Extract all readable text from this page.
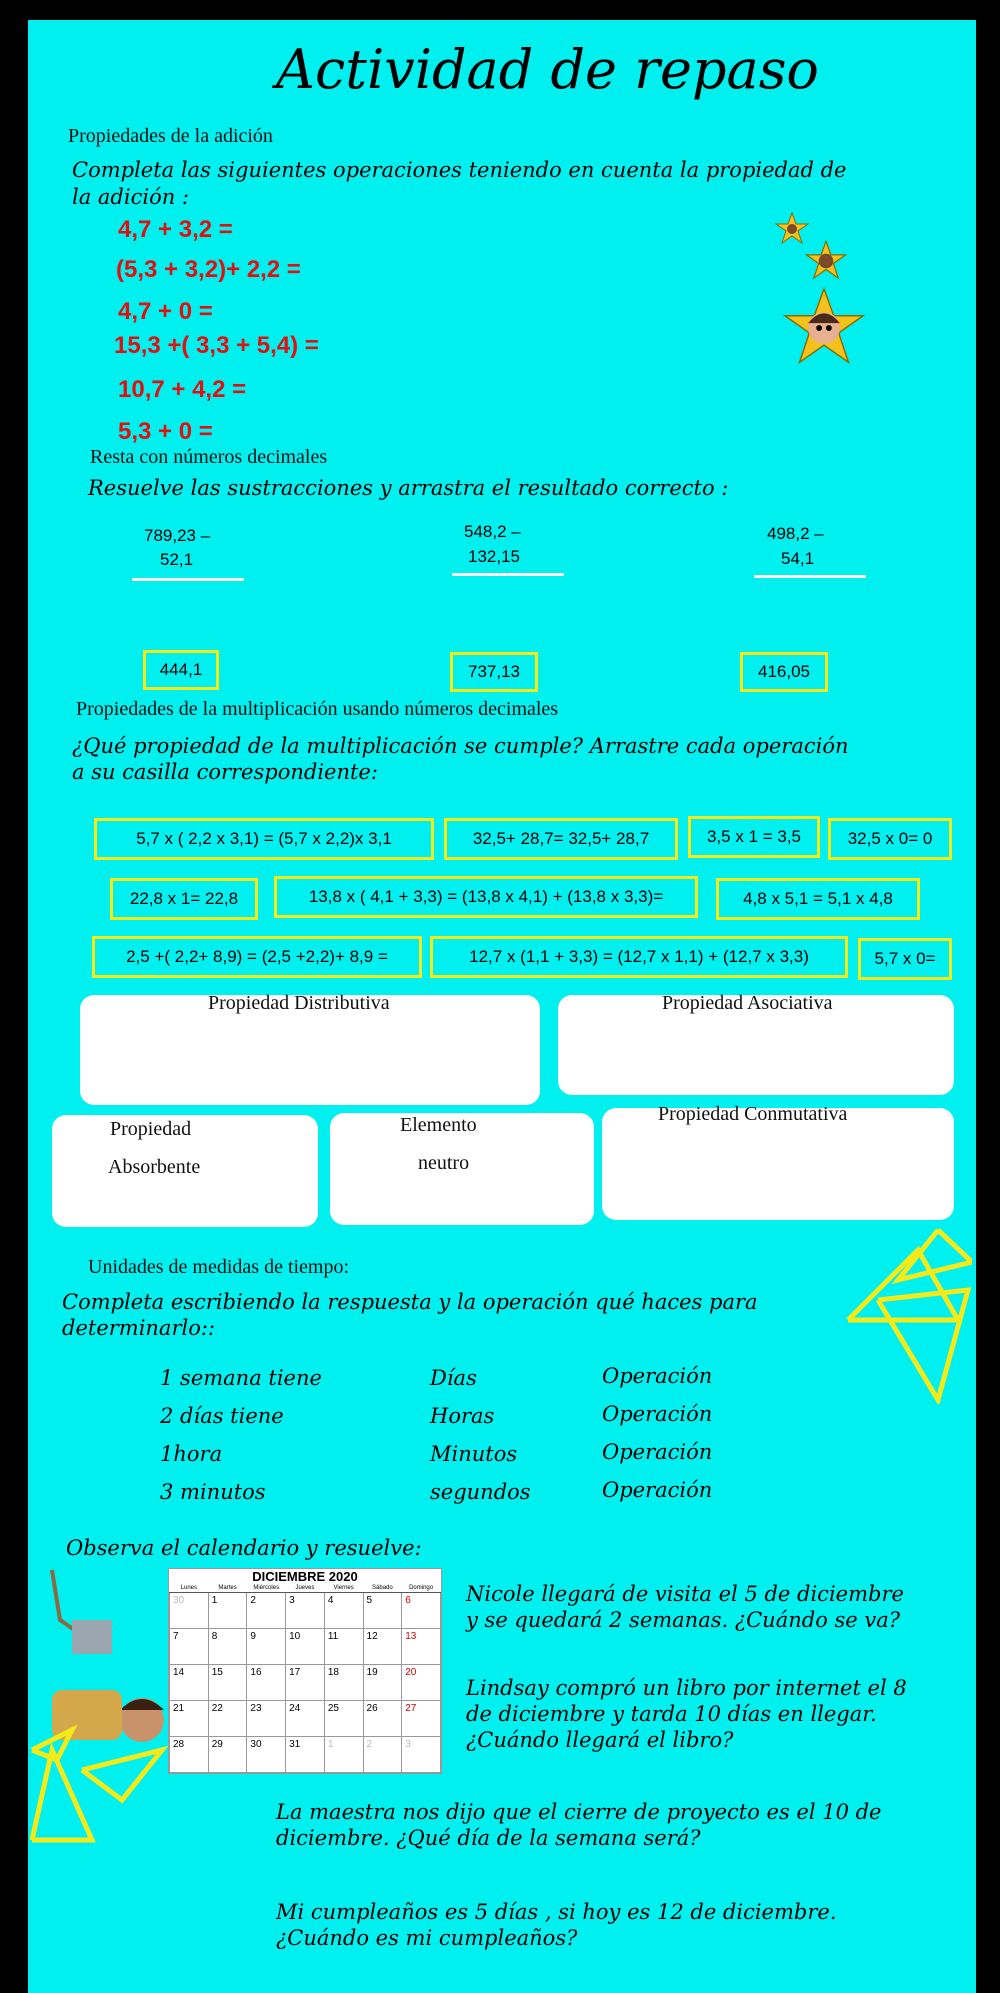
Actividad de repaso
Propiedades de la adición
Completa las siguientes operaciones teniendo en cuenta la propiedad de
la adición :
4,7 + 3,2 =
(5,3 + 3,2)+ 2,2 =
4,7 + 0 =
15,3 +( 3,3 + 5,4) =
10,7 + 4,2 =
5,3 + 0 =
Resta con números decimales
Resuelve las sustracciones y arrastra el resultado correcto :
789,23 –
52,1
548,2 –
132,15
498,2 –
54,1
444,1	737,13	416,05
Propiedades de la multiplicación usando números decimales
¿Qué propiedad de la multiplicación se cumple? Arrastre cada operación
a su casilla correspondiente:
5,7 x ( 2,2 x 3,1) = (5,7 x 2,2)x 3,1	32,5+ 28,7= 32,5+ 28,7	3,5 x 1 = 3,5	32,5 x 0= 0
22,8 x 1= 22,8	13,8 x ( 4,1 + 3,3) = (13,8 x 4,1) + (13,8 x 3,3)=	4,8 x 5,1 = 5,1 x 4,8
2,5 +( 2,2+ 8,9) = (2,5 +2,2)+ 8,9 =	12,7 x (1,1 + 3,3) = (12,7 x 1,1) + (12,7 x 3,3)	5,7 x 0=
Propiedad Distributiva	Propiedad Asociativa
Propiedad
Absorbente
Elemento
neutro
Propiedad Conmutativa
Unidades de medidas de tiempo:
Completa escribiendo la respuesta y la operación qué haces para
determinarlo::
1 semana tiene	Días	Operación
2 días tiene	Horas	Operación
1hora	Minutos	Operación
3 minutos	segundos	Operación
Observa el calendario y resuelve:
DICIEMBRE 2020
Lunes	Martes	Miércoles	Jueves	Viernes	Sábado	Domingo
30	1	2	3	4	5	6
7	8	9	10	11	12	13
14	15	16	17	18	19	20
21	22	23	24	25	26	27
28	29	30	31	1	2	3
Nicole llegará de visita el 5 de diciembre
y se quedará 2 semanas. ¿Cuándo se va?
Lindsay compró un libro por internet el 8
de diciembre y tarda 10 días en llegar.
¿Cuándo llegará el libro?
La maestra nos dijo que el cierre de proyecto es el 10 de
diciembre. ¿Qué día de la semana será?
Mi cumpleaños es 5 días , si hoy es 12 de diciembre.
¿Cuándo es mi cumpleaños?
